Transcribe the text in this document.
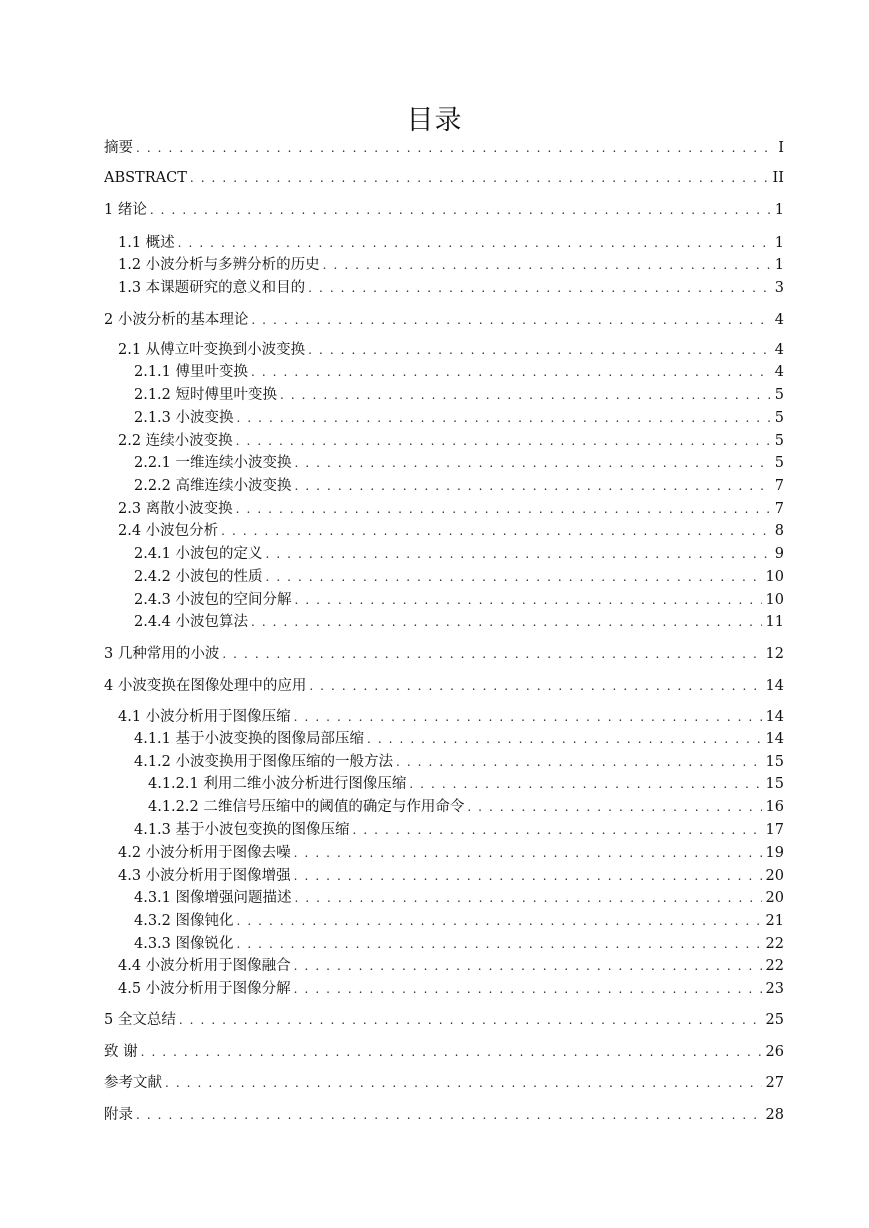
目录
摘要 . . .	I
ABSTRACT . . .	II
1 绪论 . . .	1
1.1 概述 . . .	1
1.2 小波分析与多辨分析的历史 . . .	1
1.3 本课题研究的意义和目的 . . .	3
2 小波分析的基本理论 . . .	4
2.1 从傅立叶变换到小波变换 . . .	4
2.1.1 傅里叶变换 . . .	4
2.1.2 短时傅里叶变换 . . .	5
2.1.3 小波变换 . . .	5
2.2 连续小波变换 . . .	5
2.2.1 一维连续小波变换 . . .	5
2.2.2 高维连续小波变换 . . .	7
2.3 离散小波变换 . . .	7
2.4 小波包分析 . . .	8
2.4.1 小波包的定义 . . .	9
2.4.2 小波包的性质 . . .	10
2.4.3 小波包的空间分解 . . .	10
2.4.4 小波包算法 . . .	11
3 几种常用的小波 . . .	12
4 小波变换在图像处理中的应用 . . .	14
4.1 小波分析用于图像压缩 . . .	14
4.1.1 基于小波变换的图像局部压缩 . . .	14
4.1.2 小波变换用于图像压缩的一般方法 . . .	15
4.1.2.1 利用二维小波分析进行图像压缩 . . .	15
4.1.2.2 二维信号压缩中的阈值的确定与作用命令 . . .	16
4.1.3 基于小波包变换的图像压缩 . . .	17
4.2 小波分析用于图像去噪 . . .	19
4.3 小波分析用于图像增强 . . .	20
4.3.1 图像增强问题描述 . . .	20
4.3.2 图像钝化 . . .	21
4.3.3 图像锐化 . . .	22
4.4 小波分析用于图像融合 . . .	22
4.5 小波分析用于图像分解 . . .	23
5 全文总结 . . .	25
致 谢 . . .	26
参考文献 . . .	27
附录 . . .	28
